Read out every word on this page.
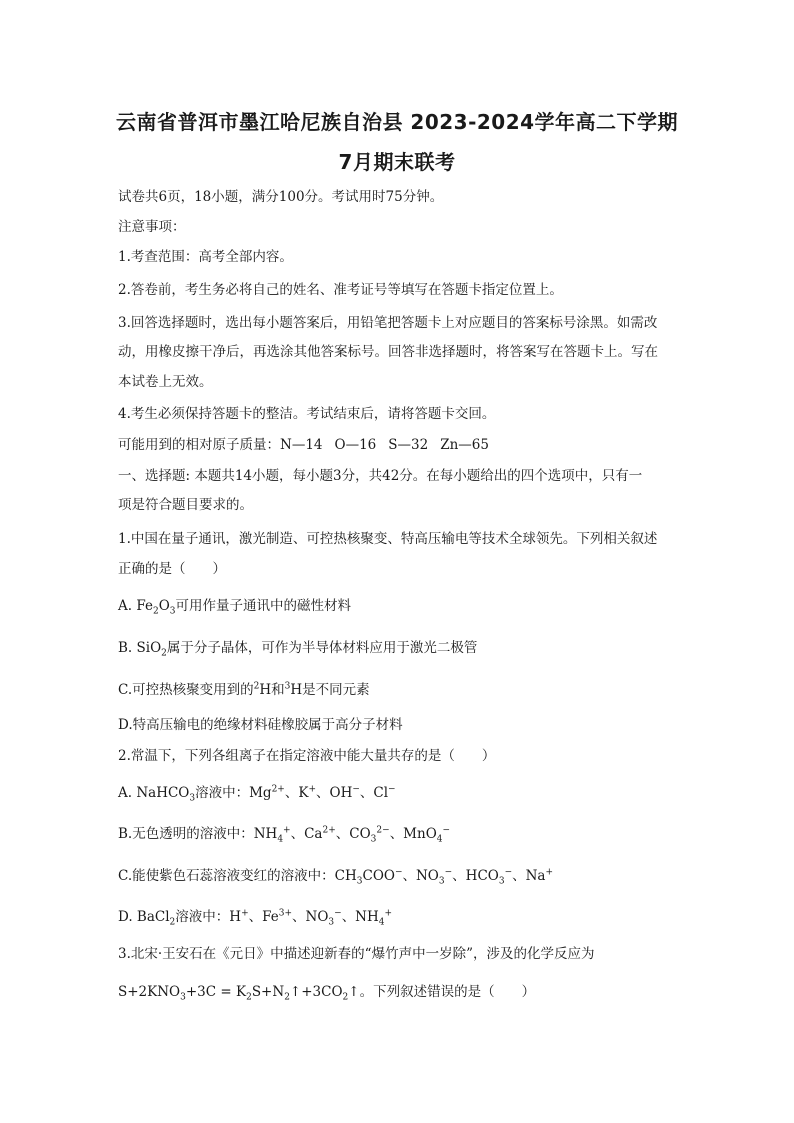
云南省普洱市墨江哈尼族自治县 2023-2024学年高二下学期
7月期末联考
试卷共6页，18小题，满分100分。考试用时75分钟。
注意事项：
1.考查范围：高考全部内容。
2.答卷前，考生务必将自己的姓名、准考证号等填写在答题卡指定位置上。
3.回答选择题时，选出每小题答案后，用铅笔把答题卡上对应题目的答案标号涂黑。如需改
动，用橡皮擦干净后，再选涂其他答案标号。回答非选择题时，将答案写在答题卡上。写在
本试卷上无效。
4.考生必须保持答题卡的整洁。考试结束后，请将答题卡交回。
可能用到的相对原子质量：N—14 O—16 S—32 Zn—65
一、选择题: 本题共14小题，每小题3分，共42分。在每小题给出的四个选项中，只有一
项是符合题目要求的。
1.中国在量子通讯，激光制造、可控热核聚变、特高压输电等技术全球领先。下列相关叙述
正确的是（　　）
A. $Fe_2O_3$可用作量子通讯中的磁性材料
B. SiO$_2$属于分子晶体，可作为半导体材料应用于激光二极管
C.可控热核聚变用到的$^2$H和$^3$H是不同元素
D.特高压输电的绝缘材料硅橡胶属于高分子材料
2.常温下，下列各组离子在指定溶液中能大量共存的是（　　）
A. NaHCO$_3$溶液中：$Mg^{2+}$、K+、OH−、Cl−
B.无色透明的溶液中：$NH_4^+$、$Ca^{2+}$、$CO_3^{2-}$、MnO$_4$−
C.能使紫色石蕊溶液变红的溶液中：$CH_3COO^-$、$NO_3^-$、$HCO_3^-$、Na+
D. BaCl$_2$溶液中：H+、$Fe^{3+}$、$NO_3^-$、$NH_4^+$
3.北宋·王安石在《元日》中描述迎新春的“爆竹声中一岁除”，涉及的化学反应为
$S+2KNO_3+3C$ = $K_2S+N_2↑+3CO_2↑$。下列叙述错误的是（　　）
